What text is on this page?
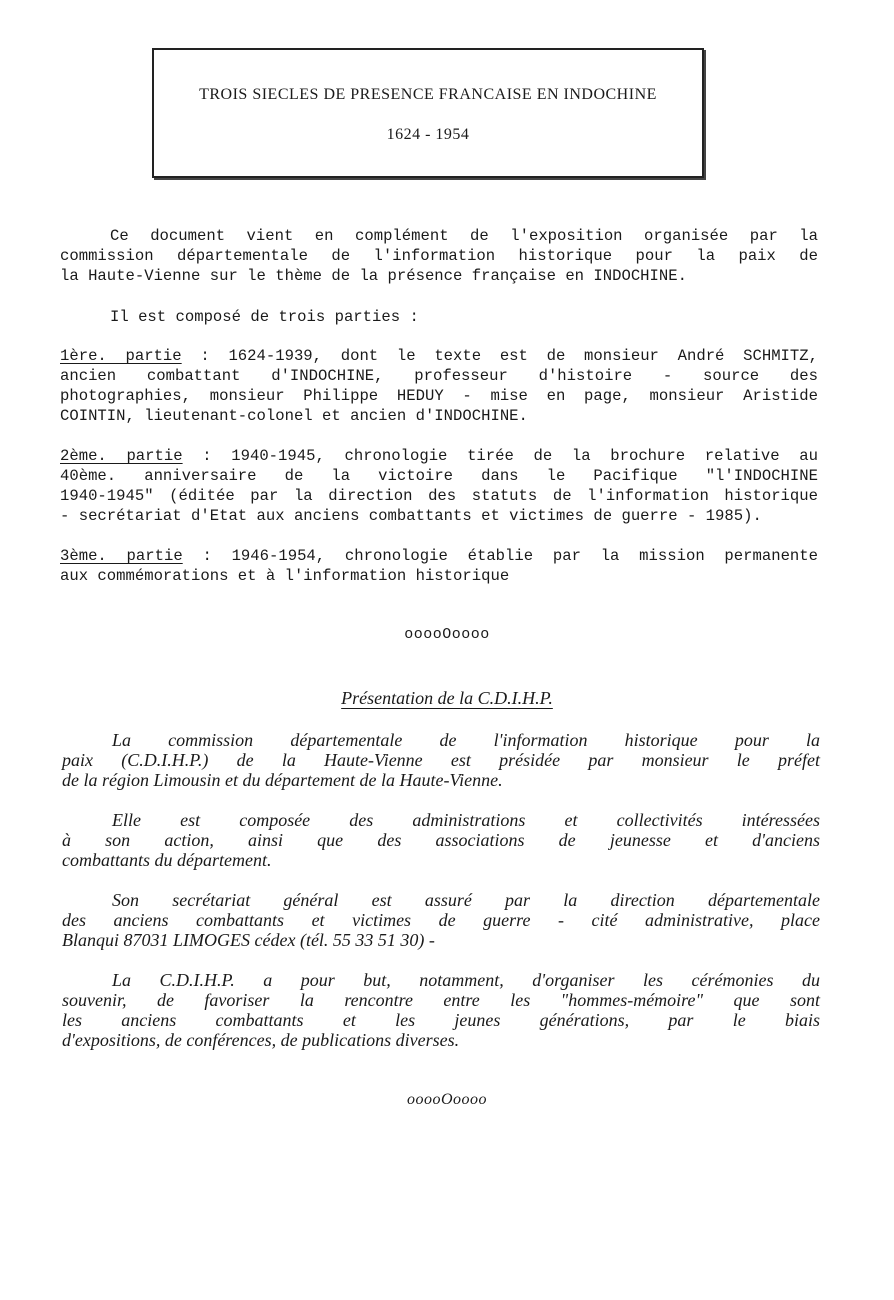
TROIS SIECLES DE PRESENCE FRANCAISE EN INDOCHINE
1624 - 1954

Ce document vient en complément de l'exposition organisée par la
commission départementale de l'information historique pour la paix de
la Haute-Vienne sur le thème de la présence française en INDOCHINE.

Il est composé de trois parties :

1ère. partie : 1624-1939, dont le texte est de monsieur André SCHMITZ,
ancien combattant d'INDOCHINE, professeur d'histoire - source des
photographies, monsieur Philippe HEDUY - mise en page, monsieur Aristide
COINTIN, lieutenant-colonel et ancien d'INDOCHINE.

2ème. partie : 1940-1945, chronologie tirée de la brochure relative au
40ème. anniversaire de la victoire dans le Pacifique "l'INDOCHINE
1940-1945" (éditée par la direction des statuts de l'information historique
- secrétariat d'Etat aux anciens combattants et victimes de guerre - 1985).

3ème. partie : 1946-1954, chronologie établie par la mission permanente
aux commémorations et à l'information historique

ooooOoooo
Présentation de la C.D.I.H.P.

La commission départementale de l'information historique pour la
paix (C.D.I.H.P.) de la Haute-Vienne est présidée par monsieur le préfet
de la région Limousin et du département de la Haute-Vienne.

Elle est composée des administrations et collectivités intéressées
à son action, ainsi que des associations de jeunesse et d'anciens
combattants du département.

Son secrétariat général est assuré par la direction départementale
des anciens combattants et victimes de guerre - cité administrative, place
Blanqui 87031 LIMOGES cédex (tél. 55 33 51 30) -

La C.D.I.H.P. a pour but, notamment, d'organiser les cérémonies du
souvenir, de favoriser la rencontre entre les "hommes-mémoire" que sont
les anciens combattants et les jeunes générations, par le biais
d'expositions, de conférences, de publications diverses.

ooooOoooo
